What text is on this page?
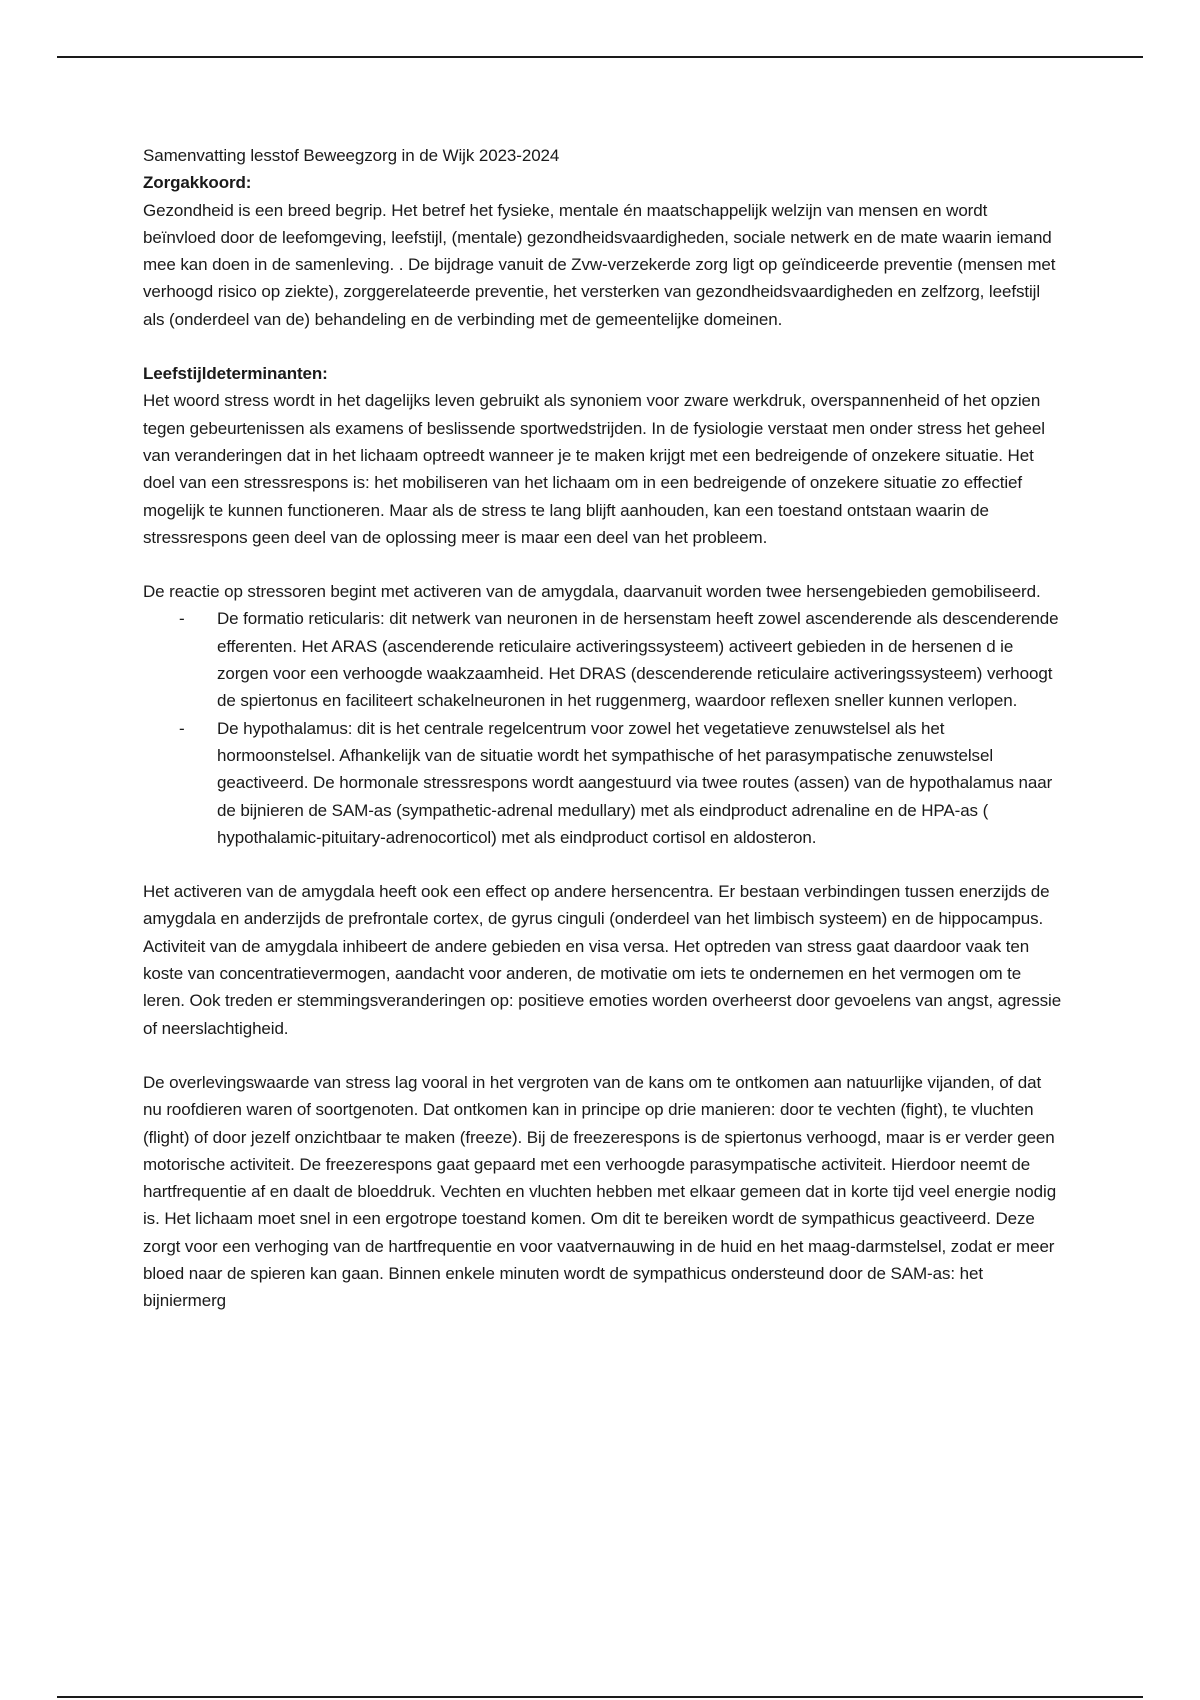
Samenvatting lesstof Beweegzorg in de Wijk 2023-2024

Zorgakkoord:

Gezondheid is een breed begrip. Het betref het fysieke, mentale én maatschappelijk welzijn van mensen en wordt beïnvloed door de leefomgeving, leefstijl, (mentale) gezondheidsvaardigheden, sociale netwerk en de mate waarin iemand mee kan doen in de samenleving. . De bijdrage vanuit de Zvw-verzekerde zorg ligt op geïndiceerde preventie (mensen met verhoogd risico op ziekte), zorggerelateerde preventie, het versterken van gezondheidsvaardigheden en zelfzorg, leefstijl als (onderdeel van de) behandeling en de verbinding met de gemeentelijke domeinen.

Leefstijldeterminanten:

Het woord stress wordt in het dagelijks leven gebruikt als synoniem voor zware werkdruk, overspannenheid of het opzien tegen gebeurtenissen als examens of beslissende sportwedstrijden. In de fysiologie verstaat men onder stress het geheel van veranderingen dat in het lichaam optreedt wanneer je te maken krijgt met een bedreigende of onzekere situatie. Het doel van een stressrespons is: het mobiliseren van het lichaam om in een bedreigende of onzekere situatie zo effectief mogelijk te kunnen functioneren. Maar als de stress te lang blijft aanhouden, kan een toestand ontstaan waarin de stressrespons geen deel van de oplossing meer is maar een deel van het probleem.

De reactie op stressoren begint met activeren van de amygdala, daarvanuit worden twee hersengebieden gemobiliseerd.

- De formatio reticularis: dit netwerk van neuronen in de hersenstam heeft zowel ascenderende als descenderende efferenten. Het ARAS (ascenderende reticulaire activeringssysteem) activeert gebieden in de hersenen d ie zorgen voor een verhoogde waakzaamheid. Het DRAS (descenderende reticulaire activeringssysteem) verhoogt de spiertonus en faciliteert schakelneuronen in het ruggenmerg, waardoor reflexen sneller kunnen verlopen.
- De hypothalamus: dit is het centrale regelcentrum voor zowel het vegetatieve zenuwstelsel als het hormoonstelsel. Afhankelijk van de situatie wordt het sympathische of het parasympatische zenuwstelsel geactiveerd. De hormonale stressrespons wordt aangestuurd via twee routes (assen) van de hypothalamus naar de bijnieren de SAM-as (sympathetic-adrenal medullary) met als eindproduct adrenaline en de HPA-as ( hypothalamic-pituitary-adrenocorticol) met als eindproduct cortisol en aldosteron.

Het activeren van de amygdala heeft ook een effect op andere hersencentra. Er bestaan verbindingen tussen enerzijds de amygdala en anderzijds de prefrontale cortex, de gyrus cinguli (onderdeel van het limbisch systeem) en de hippocampus. Activiteit van de amygdala inhibeert de andere gebieden en visa versa. Het optreden van stress gaat daardoor vaak ten koste van concentratievermogen, aandacht voor anderen, de motivatie om iets te ondernemen en het vermogen om te leren. Ook treden er stemmingsveranderingen op: positieve emoties worden overheerst door gevoelens van angst, agressie of neerslachtigheid.

De overlevingswaarde van stress lag vooral in het vergroten van de kans om te ontkomen aan natuurlijke vijanden, of dat nu roofdieren waren of soortgenoten. Dat ontkomen kan in principe op drie manieren: door te vechten (fight), te vluchten (flight) of door jezelf onzichtbaar te maken (freeze). Bij de freezerespons is de spiertonus verhoogd, maar is er verder geen motorische activiteit. De freezerespons gaat gepaard met een verhoogde parasympatische activiteit. Hierdoor neemt de hartfrequentie af en daalt de bloeddruk. Vechten en vluchten hebben met elkaar gemeen dat in korte tijd veel energie nodig is. Het lichaam moet snel in een ergotrope toestand komen. Om dit te bereiken wordt de sympathicus geactiveerd. Deze zorgt voor een verhoging van de hartfrequentie en voor vaatvernauwing in de huid en het maag-darmstelsel, zodat er meer bloed naar de spieren kan gaan. Binnen enkele minuten wordt de sympathicus ondersteund door de SAM-as: het bijniermerg
